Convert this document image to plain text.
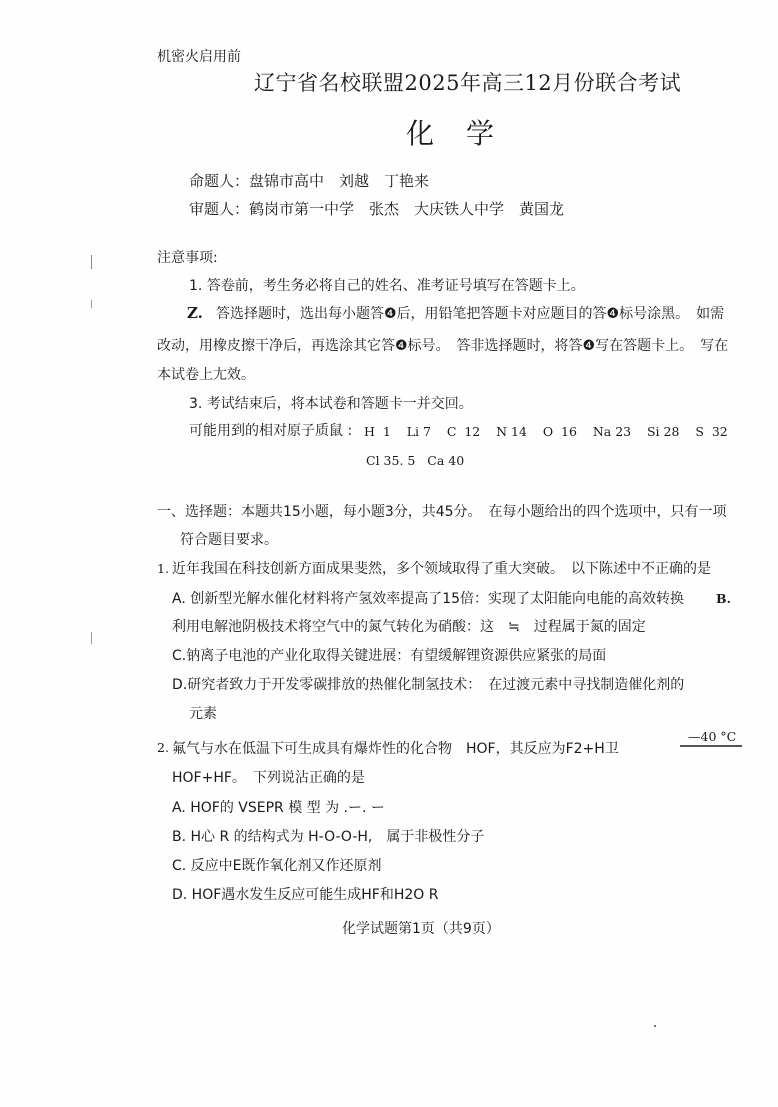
机密火启用前
辽宁省名校联盟2025年高三12月份联合考试
化学
命题人：盘锦市高中　刘越　丁艳来
审题人：鹤岗市第一中学　张杰　大庆铁人中学　黄国龙
注意事项:
1. 答卷前，考生务必将自己的姓名、准考证号填写在答题卡上。
Z. 答选择题时，选出每小题答❹后，用铅笔把答题卡对应题目的答❹标号涂黑。　如需
改动，用橡皮擦干净后，再选涂其它答❹标号。　答非选择题时，将答❹写在答题卡上。　写在
本试卷上尢效。
3. 考试结束后，将本试卷和答题卡一并交回。
可能用到的相对原子质鼠 : H  1    Li 7    C  12    N 14    O  16    Na 23    Si 28    S  32
Cl 35. 5   Ca 40
一、选择题：本题共15小题，每小题3分，共45分。　在每小题给出的四个选项中，只有一项
符合题目要求。
1. 近年我国在科技创新方面成果斐然，多个领域取得了重大突破。　以下陈述中不正确的是
A. 创新型光解水催化材料将产氢效率提高了15倍：实现了太阳能向电能的高效转换	B.
利用电解池阴极技术将空气中的氮气转化为硝酸：这　≒　过程属于氮的固定
C.钠离子电池的产业化取得关键进展：有望缓解锂资源供应紧张的局面
D.研究者致力于开发零碳排放的热催化制氢技术：　在过渡元素中寻找制造催化剂的
元素
2. 氟气与水在低温下可生成具有爆炸性的化合物　HOF，其反应为F2+H卫
—40 °C
HOF+HF。　下列说沾正确的是
A. HOF的 VSEPR 模 型 为 .ー. ー
B. H心 R 的结构式为 H-O-O-H,　属于非极性分子
C. 反应中E既作氧化剂又作还原剂
D. HOF遇水发生反应可能生成HF和H2O R
化学试题第1页（共9页）
